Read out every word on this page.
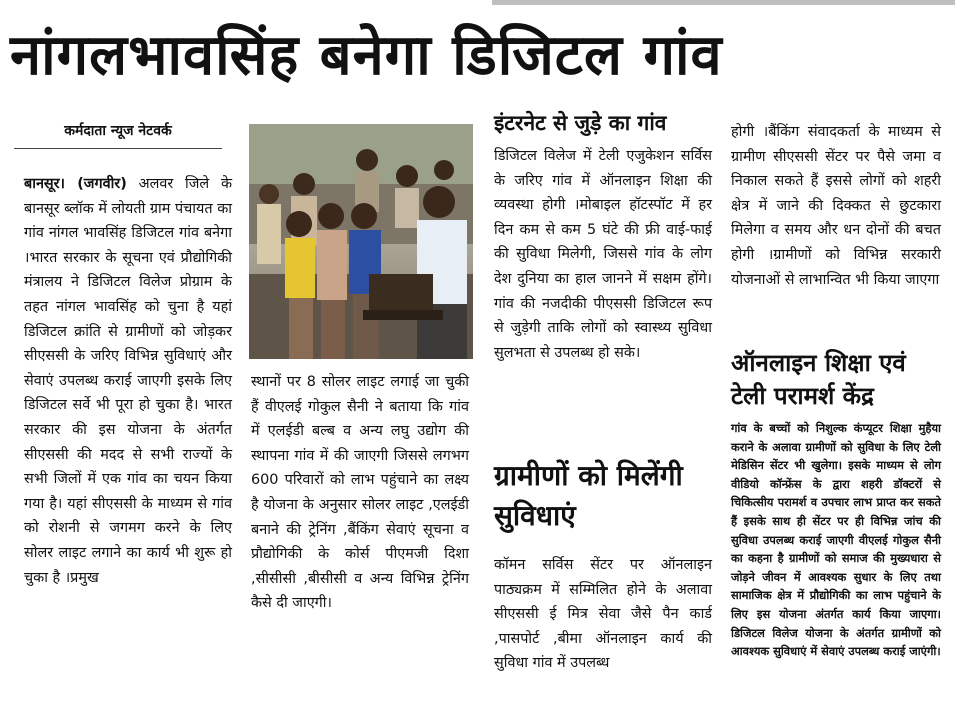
नांगलभावसिंह बनेगा डिजिटल गांव
कर्मदाता न्यूज नेटवर्क

बानसूर। (जगवीर) अलवर जिले के बानसूर ब्लॉक में लोयती ग्राम पंचायत का गांव नांगल भावसिंह डिजिटल गांव बनेगा ।भारत सरकार के सूचना एवं प्रौद्योगिकी मंत्रालय ने डिजिटल विलेज प्रोग्राम के तहत नांगल भावसिंह को चुना है यहां डिजिटल क्रांति से ग्रामीणों को जोड़कर सीएससी के जरिए विभिन्न सुविधाएं और सेवाएं उपलब्ध कराई जाएगी इसके लिए डिजिटल सर्वे भी पूरा हो चुका है। भारत सरकार की इस योजना के अंतर्गत सीएससी की मदद से सभी राज्यों के सभी जिलों में एक गांव का चयन किया गया है। यहां सीएससी के माध्यम से गांव को रोशनी से जगमग करने के लिए सोलर लाइट लगाने का कार्य भी शुरू हो चुका है ।प्रमुख

स्थानों पर 8 सोलर लाइट लगाई जा चुकी हैं वीएलई गोकुल सैनी ने बताया कि गांव में एलईडी बल्ब व अन्य लघु उद्योग की स्थापना गांव में की जाएगी जिससे लगभग 600 परिवारों को लाभ पहुंचाने का लक्ष्य है योजना के अनुसार सोलर लाइट ,एलईडी बनाने की ट्रेनिंग ,बैंकिंग सेवाएं सूचना व प्रौद्योगिकी के कोर्स पीएमजी दिशा ,सीसीसी ,बीसीसी व अन्य विभिन्न ट्रेनिंग कैसे दी जाएगी।

इंटरनेट से जुड़े का गांव

डिजिटल विलेज में टेली एजुकेशन सर्विस के जरिए गांव में ऑनलाइन शिक्षा की व्यवस्था होगी ।मोबाइल हॉटस्पॉट में हर दिन कम से कम 5 घंटे की फ्री वाई-फाई की सुविधा मिलेगी, जिससे गांव के लोग देश दुनिया का हाल जानने में सक्षम होंगे। गांव की नजदीकी पीएससी डिजिटल रूप से जुड़ेगी ताकि लोगों को स्वास्थ्य सुविधा सुलभता से उपलब्ध हो सके।

ग्रामीणों को मिलेंगी सुविधाएं

कॉमन सर्विस सेंटर पर ऑनलाइन पाठ्यक्रम में सम्मिलित होने के अलावा सीएससी ई मित्र सेवा जैसे पैन कार्ड ,पासपोर्ट ,बीमा ऑनलाइन कार्य की सुविधा गांव में उपलब्ध

होगी ।बैंकिंग संवादकर्ता के माध्यम से ग्रामीण सीएससी सेंटर पर पैसे जमा व निकाल सकते हैं इससे लोगों को शहरी क्षेत्र में जाने की दिक्कत से छुटकारा मिलेगा व समय और धन दोनों की बचत होगी ।ग्रामीणों को विभिन्न सरकारी योजनाओं से लाभान्वित भी किया जाएगा

ऑनलाइन शिक्षा एवं टेली परामर्श केंद्र

गांव के बच्चों को निशुल्क कंप्यूटर शिक्षा मुहैया कराने के अलावा ग्रामीणों को सुविधा के लिए टेली मेडिसिन सेंटर भी खुलेगा। इसके माध्यम से लोग वीडियो कॉन्फ्रेंस के द्वारा शहरी डॉक्टरों से चिकित्सीय परामर्श व उपचार लाभ प्राप्त कर सकते हैं इसके साथ ही सेंटर पर ही विभिन्न जांच की सुविधा उपलब्ध कराई जाएगी वीएलई गोकुल सैनी का कहना है ग्रामीणों को समाज की मुख्यधारा से जोड़ने जीवन में आवश्यक सुधार के लिए तथा सामाजिक क्षेत्र में प्रौद्योगिकी का लाभ पहुंचाने के लिए इस योजना अंतर्गत कार्य किया जाएगा। डिजिटल विलेज योजना के अंतर्गत ग्रामीणों को आवश्यक सुविधाएं में सेवाएं उपलब्ध कराई जाएंगी।
